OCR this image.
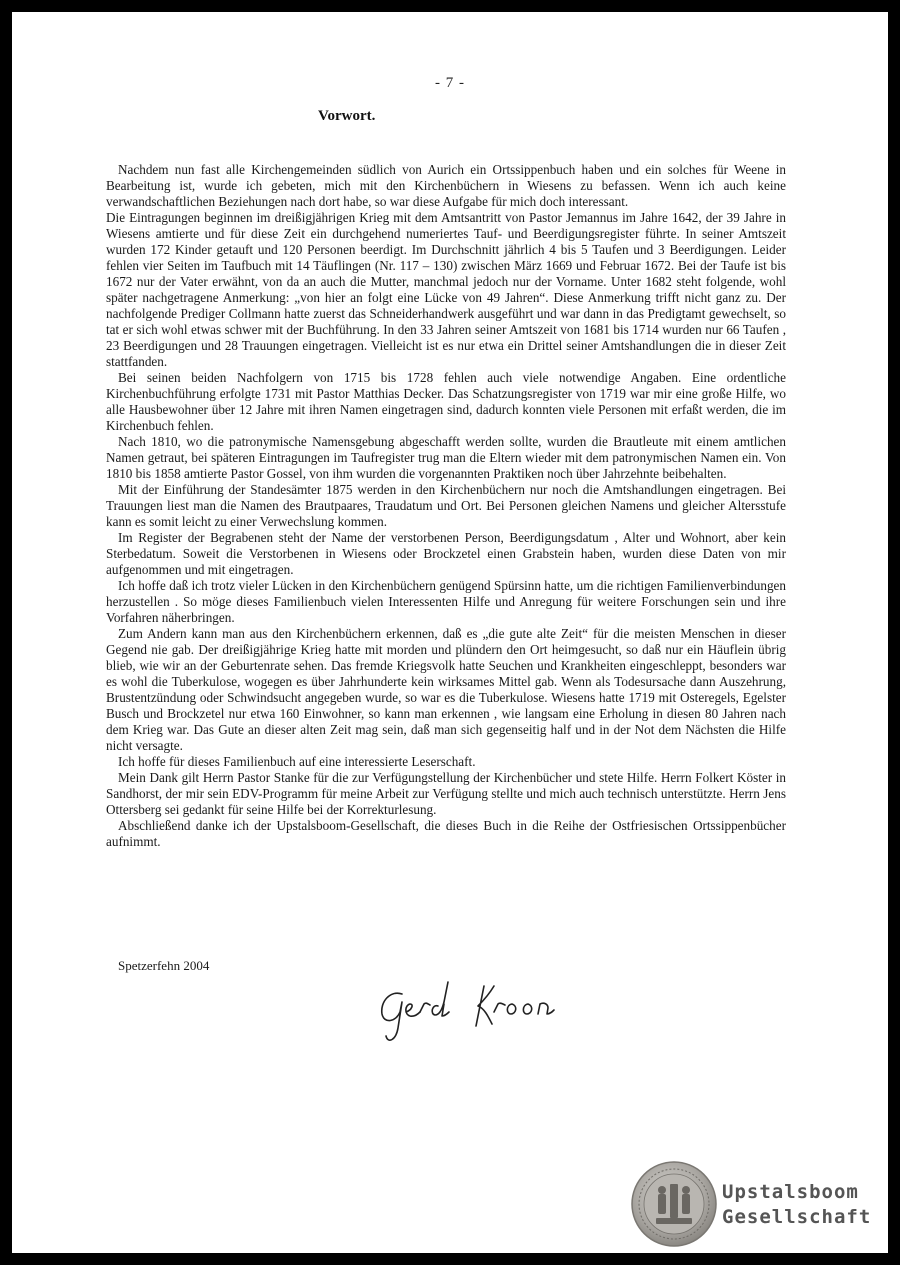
- 7 -
Vorwort.

Nachdem nun fast alle Kirchengemeinden südlich von Aurich ein Ortssippenbuch haben und ein solches für Weene in Bearbeitung ist, wurde ich gebeten, mich mit den Kirchenbüchern in Wiesens zu befassen. Wenn ich auch keine verwandschaftlichen Beziehungen nach dort habe, so war diese Aufgabe für mich doch interessant.

Die Eintragungen beginnen im dreißigjährigen Krieg mit dem Amtsantritt von Pastor Jemannus im Jahre 1642, der 39 Jahre in Wiesens amtierte und für diese Zeit ein durchgehend numeriertes Tauf- und Beerdigungsregister führte. In seiner Amtszeit wurden 172 Kinder getauft und 120 Personen beerdigt. Im Durchschnitt jährlich 4 bis 5 Taufen und 3 Beerdigungen. Leider fehlen vier Seiten im Taufbuch mit 14 Täuflingen (Nr. 117 – 130) zwischen März 1669 und Februar 1672. Bei der Taufe ist bis 1672 nur der Vater erwähnt, von da an auch die Mutter, manchmal jedoch nur der Vorname. Unter 1682 steht folgende, wohl später nachgetragene Anmerkung: „von hier an folgt eine Lücke von 49 Jahren“. Diese Anmerkung trifft nicht ganz zu. Der nachfolgende Prediger Collmann hatte zuerst das Schneiderhandwerk ausgeführt und war dann in das Predigtamt gewechselt, so tat er sich wohl etwas schwer mit der Buchführung. In den 33 Jahren seiner Amtszeit von 1681 bis 1714 wurden nur 66 Taufen , 23 Beerdigungen und 28 Trauungen eingetragen. Vielleicht ist es nur etwa ein Drittel seiner Amtshandlungen die in dieser Zeit stattfanden.

Bei seinen beiden Nachfolgern von 1715 bis 1728 fehlen auch viele notwendige Angaben. Eine ordentliche Kirchenbuchführung erfolgte 1731 mit Pastor Matthias Decker. Das Schatzungsregister von 1719 war mir eine große Hilfe, wo alle Hausbewohner über 12 Jahre mit ihren Namen eingetragen sind, dadurch konnten viele Personen mit erfaßt werden, die im Kirchenbuch fehlen.

Nach 1810, wo die patronymische Namensgebung abgeschafft werden sollte, wurden die Brautleute mit einem amtlichen Namen getraut, bei späteren Eintragungen im Taufregister trug man die Eltern wieder mit dem patronymischen Namen ein. Von 1810 bis 1858 amtierte Pastor Gossel, von ihm wurden die vorgenannten Praktiken noch über Jahrzehnte beibehalten.

Mit der Einführung der Standesämter 1875 werden in den Kirchenbüchern nur noch die Amtshandlungen eingetragen. Bei Trauungen liest man die Namen des Brautpaares, Traudatum und Ort. Bei Personen gleichen Namens und gleicher Altersstufe kann es somit leicht zu einer Verwechslung kommen.

Im Register der Begrabenen steht der Name der verstorbenen Person, Beerdigungsdatum , Alter und Wohnort, aber kein Sterbedatum. Soweit die Verstorbenen in Wiesens oder Brockzetel einen Grabstein haben, wurden diese Daten von mir aufgenommen und mit eingetragen.

Ich hoffe daß ich trotz vieler Lücken in den Kirchenbüchern genügend Spürsinn hatte, um die richtigen Familienverbindungen herzustellen . So möge dieses Familienbuch vielen Interessenten Hilfe und Anregung für weitere Forschungen sein und ihre Vorfahren näherbringen.

Zum Andern kann man aus den Kirchenbüchern erkennen, daß es „die gute alte Zeit“ für die meisten Menschen in dieser Gegend nie gab. Der dreißigjährige Krieg hatte mit morden und plündern den Ort heimgesucht, so daß nur ein Häuflein übrig blieb, wie wir an der Geburtenrate sehen. Das fremde Kriegsvolk hatte Seuchen und Krankheiten eingeschleppt, besonders war es wohl die Tuberkulose, wogegen es über Jahrhunderte kein wirksames Mittel gab. Wenn als Todesursache dann Auszehrung, Brustentzündung oder Schwindsucht angegeben wurde, so war es die Tuberkulose. Wiesens hatte 1719 mit Osteregels, Egelster Busch und Brockzetel nur etwa 160 Einwohner, so kann man erkennen , wie langsam eine Erholung in diesen 80 Jahren nach dem Krieg war. Das Gute an dieser alten Zeit mag sein, daß man sich gegenseitig half und in der Not dem Nächsten die Hilfe nicht versagte.

Ich hoffe für dieses Familienbuch auf eine interessierte Leserschaft.

Mein Dank gilt Herrn Pastor Stanke für die zur Verfügungstellung der Kirchenbücher und stete Hilfe. Herrn Folkert Köster in Sandhorst, der mir sein EDV-Programm für meine Arbeit zur Verfügung stellte und mich auch technisch unterstützte. Herrn Jens Ottersberg sei gedankt für seine Hilfe bei der Korrekturlesung.

Abschließend danke ich der Upstalsboom-Gesellschaft, die dieses Buch in die Reihe der Ostfriesischen Ortssippenbücher aufnimmt.

Spetzerfehn 2004
Upstalsboom
Gesellschaft
